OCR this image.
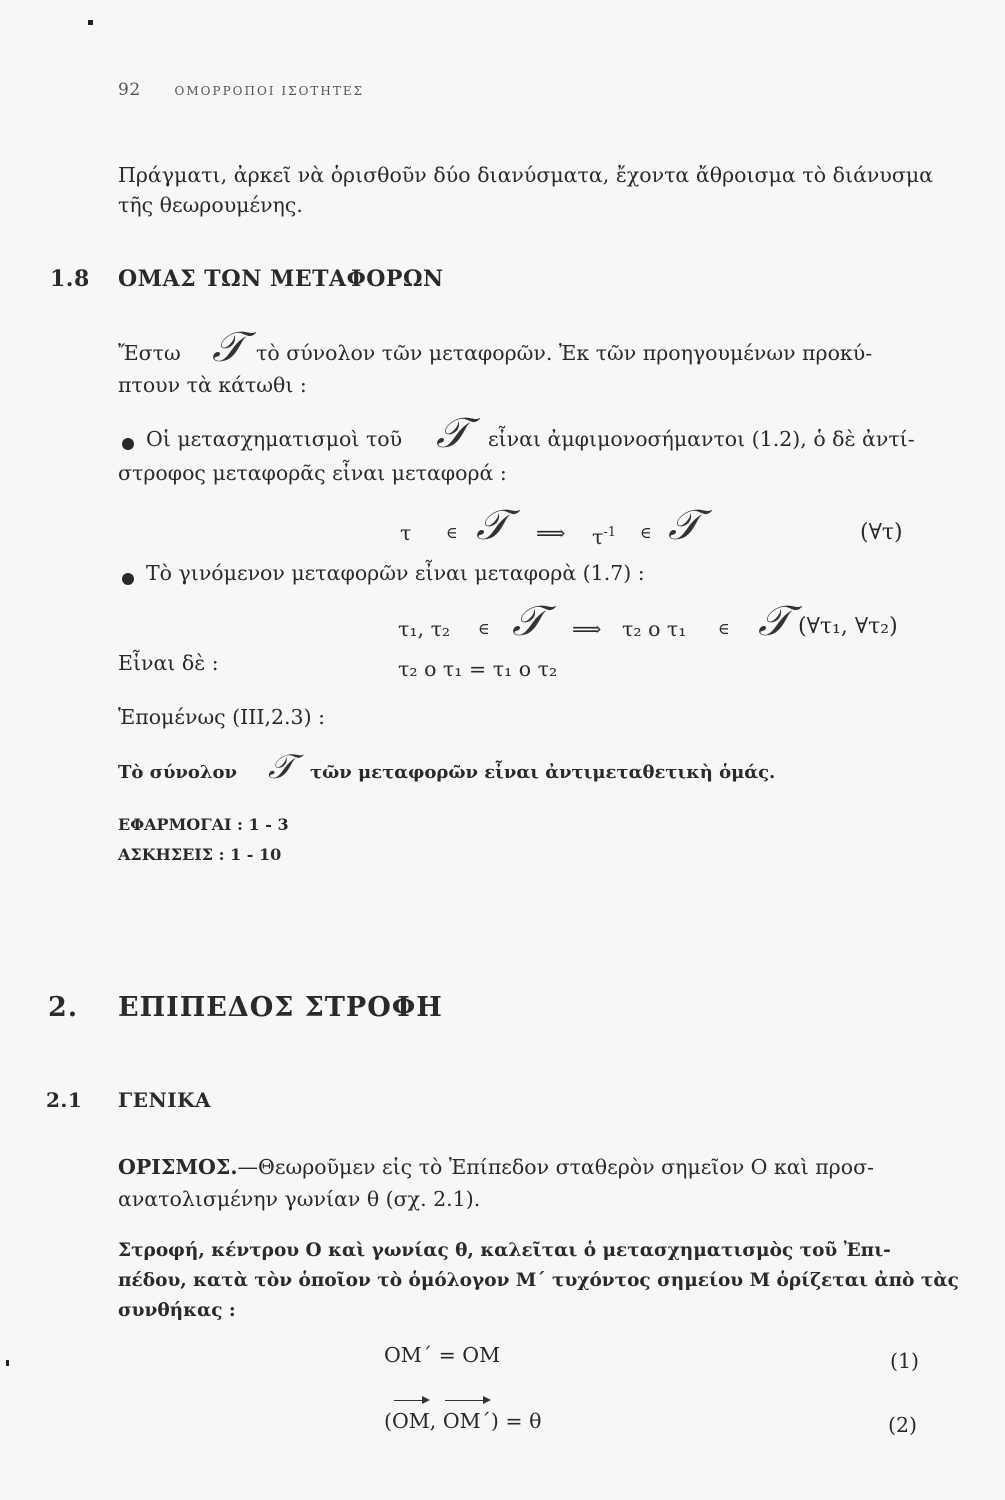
92	ΟΜΟΡΡΟΠΟΙ ΙΣΟΤΗΤΕΣ
Πράγματι, ἀρκεῖ νὰ ὁρισθοῦν δύο διανύσματα, ἔχοντα ἄθροισμα τὸ διάνυσμα τῆς θεωρουμένης.
1.8 ΟΜΑΣ ΤΩΝ ΜΕΤΑΦΟΡΩΝ
Ἔστω 𝒯 τὸ σύνολον τῶν μεταφορῶν. Ἐκ τῶν προηγουμένων προκύ-
πτουν τὰ κάτωθι :
Οἱ μετασχηματισμοὶ τοῦ 𝒯 εἶναι ἀμφιμονοσήμαντοι (1.2), ὁ δὲ ἀντί-
στροφος μεταφορᾶς εἶναι μεταφορά :
τ ∈ 𝒯 ⟹ $\tau^{-1}$ ∈ 𝒯	(∀τ)
Τὸ γινόμενον μεταφορῶν εἶναι μεταφορὰ (1.7) :
τ₁, τ₂ ∈ 𝒯 ⟹ τ₂ ο τ₁ ∈ 𝒯 (∀τ₁, ∀τ₂)
Εἶναι δὲ :	τ₂ ο τ₁ = τ₁ ο τ₂
Ἑπομένως (ΙΙΙ,2.3) :
Τὸ σύνολον 𝒯 τῶν μεταφορῶν εἶναι ἀντιμεταθετικὴ ὁμάς.
ΕΦΑΡΜΟΓΑΙ : 1 - 3
ΑΣΚΗΣΕΙΣ : 1 - 10
2. ΕΠΙΠΕΔΟΣ ΣΤΡΟΦΗ
2.1 ΓΕΝΙΚΑ
ΟΡΙΣΜΟΣ.—Θεωροῦμεν εἰς τὸ Ἐπίπεδον σταθερὸν σημεῖον Ο καὶ προσ-
ανατολισμένην γωνίαν θ (σχ. 2.1).
Στροφή, κέντρου Ο καὶ γωνίας θ, καλεῖται ὁ μετασχηματισμὸς τοῦ Ἐπι-
πέδου, κατὰ τὸν ὁποῖον τὸ ὁμόλογον Μ΄ τυχόντος σημείου Μ ὁρίζεται ἀπὸ τὰς
συνθήκας :
ΟΜ΄ = ΟΜ	(1)
(ΟΜ, ΟΜ΄) = θ	(2)
